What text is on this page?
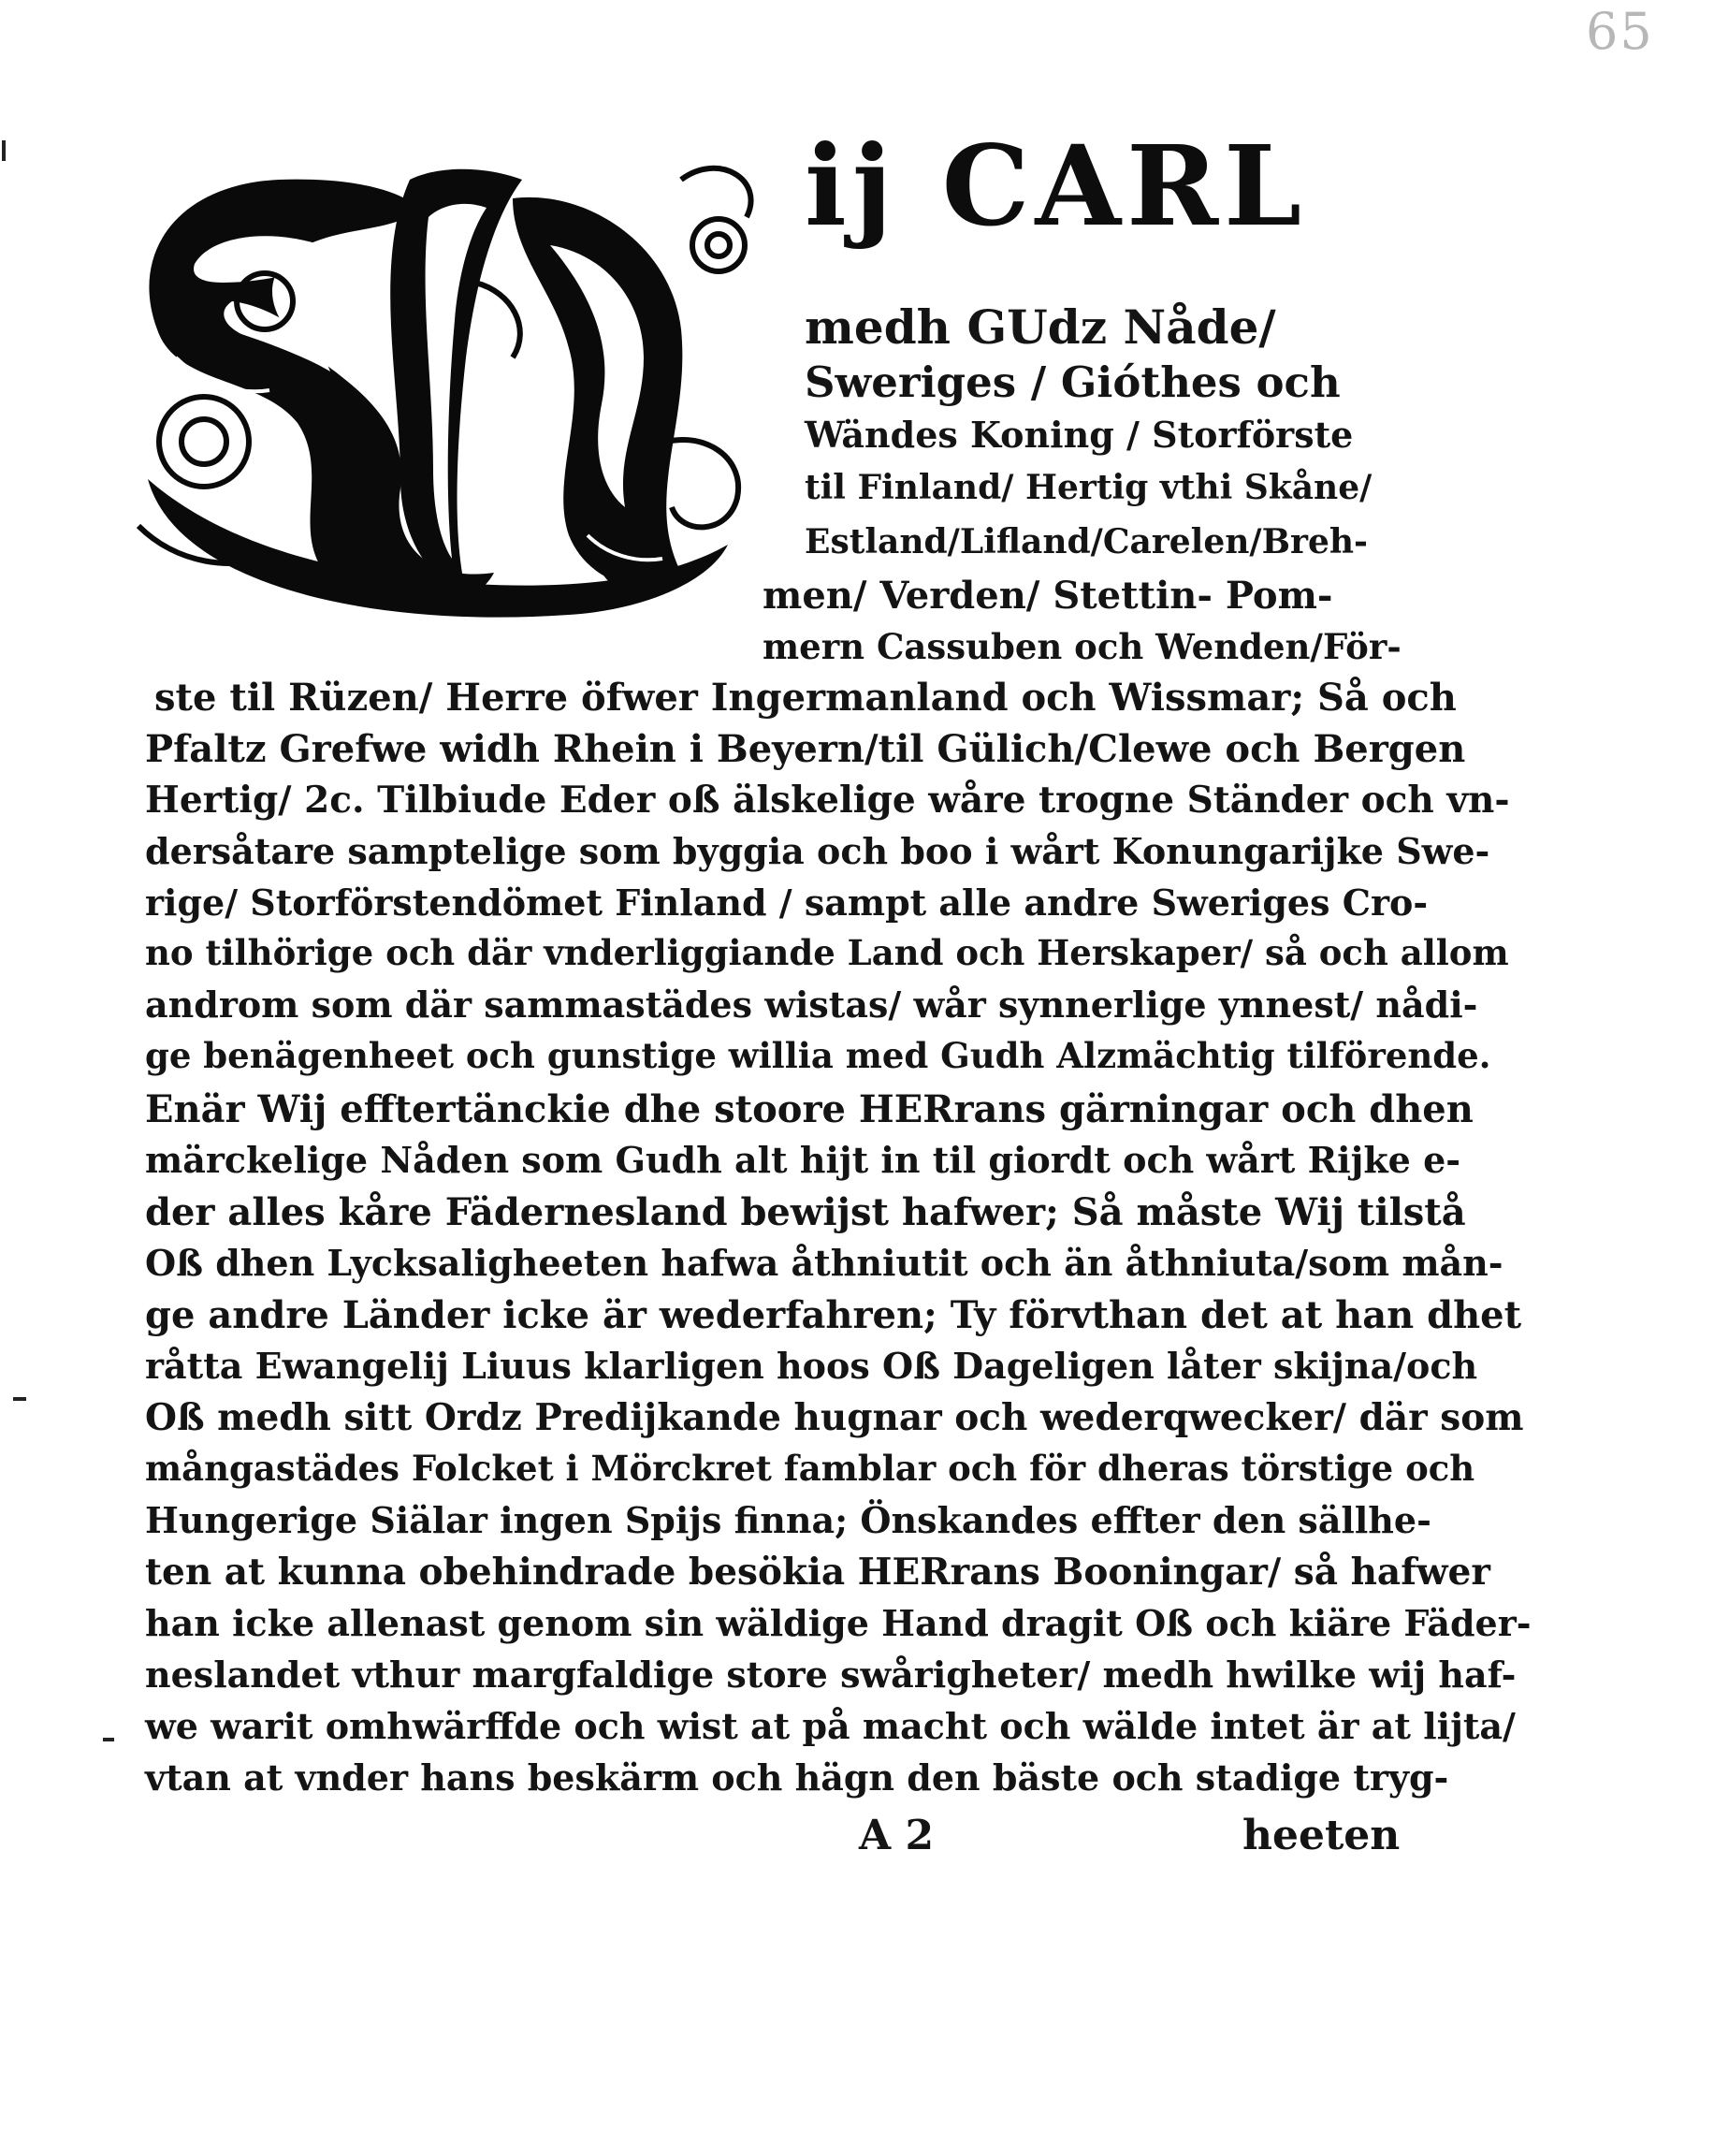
65
ij CARL
medh GUdz Nåde/
Sweriges / Gióthes och
Wändes Koning / Storförste
til Finland/ Hertig vthi Skåne/
Estland/Lifland/Carelen/Breh-
men/ Verden/ Stettin- Pom-
mern Cassuben och Wenden/För-
ste til Rüzen/ Herre öfwer Ingermanland och Wissmar; Så och
Pfaltz Grefwe widh Rhein i Beyern/til Gülich/Clewe och Bergen
Hertig/ 2c. Tilbiude Eder oß älskelige wåre trogne Ständer och vn-
dersåtare samptelige som byggia och boo i wårt Konungarijke Swe-
rige/ Storförstendömet Finland / sampt alle andre Sweriges Cro-
no tilhörige och där vnderliggiande Land och Herskaper/ så och allom
androm som där sammastädes wistas/ wår synnerlige ynnest/ nådi-
ge benägenheet och gunstige willia med Gudh Alzmächtig tilförende.
Enär Wij efftertänckie dhe stoore HERrans gärningar och dhen
märckelige Nåden som Gudh alt hijt in til giordt och wårt Rijke e-
der alles kåre Fädernesland bewijst hafwer; Så måste Wij tilstå
Oß dhen Lycksaligheeten hafwa åthniutit och än åthniuta/som mån-
ge andre Länder icke är wederfahren; Ty förvthan det at han dhet
råtta Ewangelij Liuus klarligen hoos Oß Dageligen låter skijna/och
Oß medh sitt Ordz Predijkande hugnar och wederqwecker/ där som
mångastädes Folcket i Mörckret famblar och för dheras törstige och
Hungerige Siälar ingen Spijs finna; Önskandes effter den sällhe-
ten at kunna obehindrade besökia HERrans Booningar/ så hafwer
han icke allenast genom sin wäldige Hand dragit Oß och kiäre Fäder-
neslandet vthur margfaldige store swårigheter/ medh hwilke wij haf-
we warit omhwärffde och wist at på macht och wälde intet är at lijta/
vtan at vnder hans beskärm och hägn den bäste och stadige tryg-
A 2	heeten
